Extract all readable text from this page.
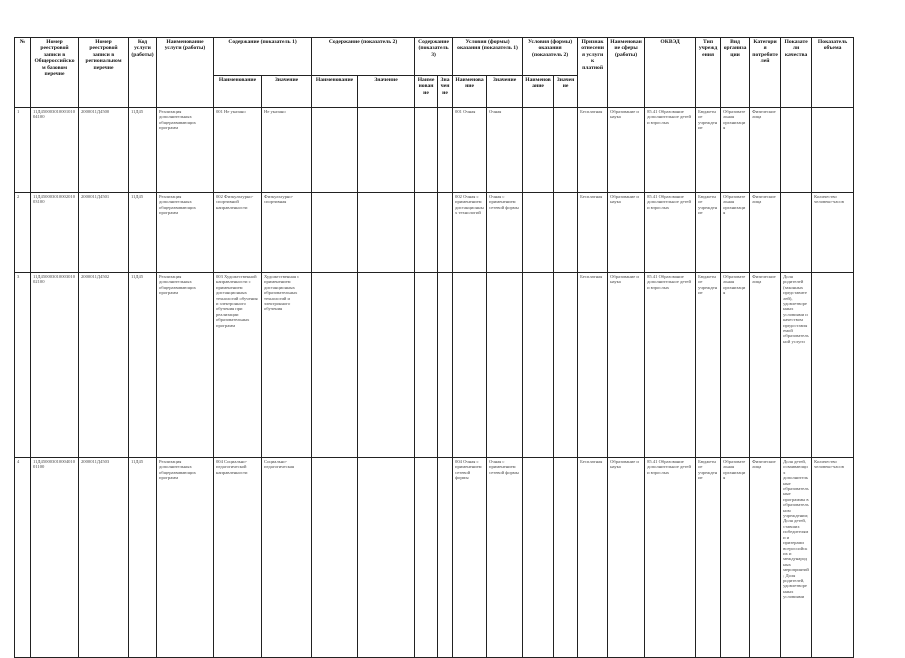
№	Номер реестровой записи в Общероссийском базовом перечне	Номер реестровой записи в региональном перечне	Код услуги (работы)	Наименование услуги (работы)	Содержание (показатель 1)		Содержание (показатель 2)		Содержание (показатель 3)		Условия (формы) оказания (показатель 1)		Условия (формы) оказания (показатель 2)		Признак отнесения услуги к платной	Наименование сферы (работы)	ОКВЭД	Тип учреждения	Вид организации	Категория потребителей	Показатели качества	Показатель объема
					Наименование	Значение	Наименование	Значение	Наименование	Значение	Наименование	Значение	Наименование	Значение								
1	11Д45000301000101004100	2000011Д4500	11Д45	Реализация дополнительных общеразвивающих программ	001 Не указано	Не указано					001 Очная	Очная			Бесплатная	Образование и наука	85.41 Образование дополнительное детей и взрослых	Бюджетное учреждение	Образовательная организация	Физические лица		
2	11Д45000301000201003100	2000011Д4501	11Д45	Реализация дополнительных общеразвивающих программ	002 Физкультурно-спортивной направленности	Физкультурно-спортивная					002 Очная с применением дистанционных технологий	Очная с применением сетевой формы			Бесплатная	Образование и наука	85.41 Образование дополнительное детей и взрослых	Бюджетное учреждение	Образовательная организация	Физические лица		Количество человеко-часов
3	11Д45000301000301002100	2000011Д4502	11Д45	Реализация дополнительных общеразвивающих программ	003 Художественной направленности с применением дистанционных технологий обучения и электронного обучения при реализации образовательных программ	Художественная с применением дистанционных образовательных технологий и электронного обучения									Бесплатная	Образование и наука	85.41 Образование дополнительное детей и взрослых	Бюджетное учреждение	Образовательная организация	Физические лица	Доля родителей (законных представителей), удовлетворенных условиями и качеством предоставляемой образовательной услуги	
4	11Д45000301000401001100	2000011Д4503	11Д45	Реализация дополнительных общеразвивающих программ	004 Социально-педагогической направленности	Социально-педагогическая					004 Очная с применением сетевой формы	Очная с применением сетевой формы			Бесплатная	Образование и наука	85.41 Образование дополнительное детей и взрослых	Бюджетное учреждение	Образовательная организация	Физические лица	Доля детей, осваивающих дополнительные образовательные программы в образовательном учреждении; Доля детей, ставших победителями и призерами всероссийских и международных мероприятий; Доля родителей, удовлетворенных условиями	Количество человеко-часов
